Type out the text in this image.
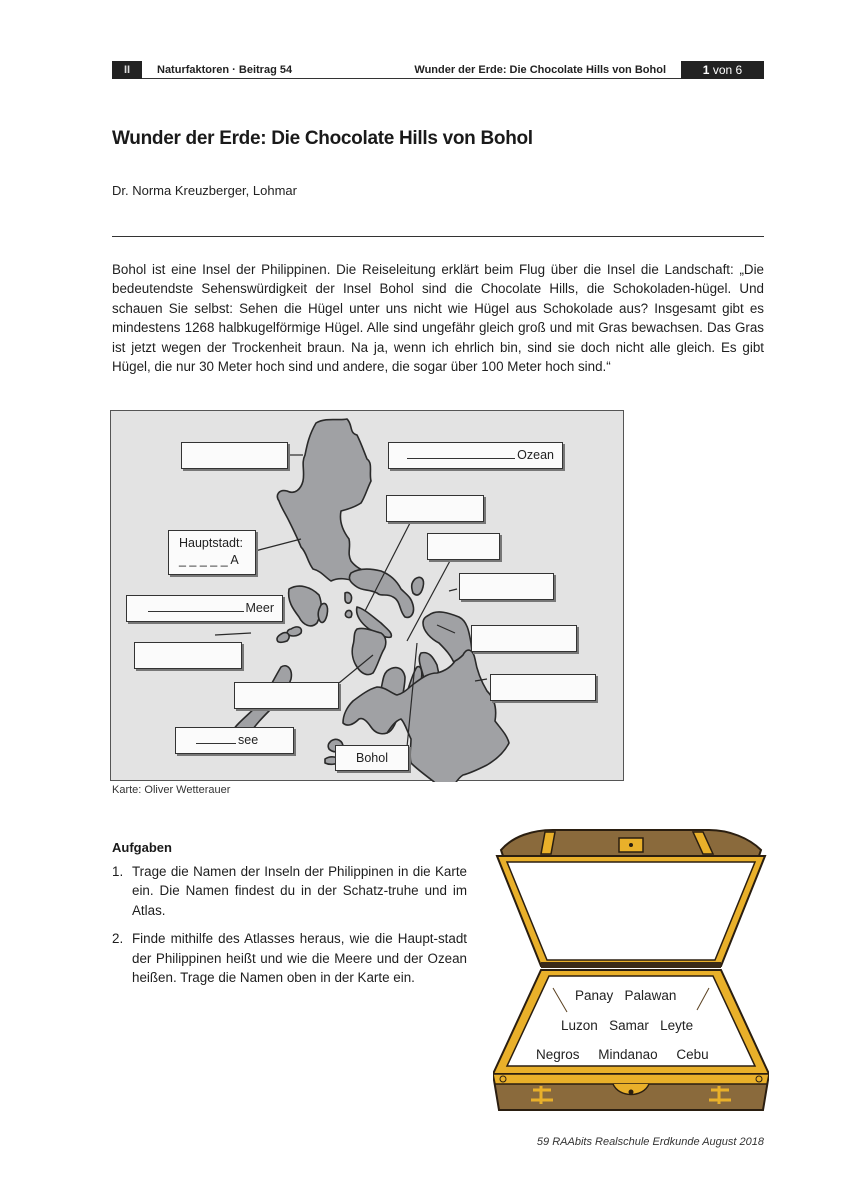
II	Naturfaktoren · Beitrag 54	Wunder der Erde: Die Chocolate Hills von Bohol	1 von 6
Wunder der Erde: Die Chocolate Hills von Bohol
Dr. Norma Kreuzberger, Lohmar

Bohol ist eine Insel der Philippinen. Die Reiseleitung erklärt beim Flug über die Insel die Landschaft: „Die bedeutendste Sehenswürdigkeit der Insel Bohol sind die Chocolate Hills, die Schokoladen-hügel. Und schauen Sie selbst: Sehen die Hügel unter uns nicht wie Hügel aus Schokolade aus? Insgesamt gibt es mindestens 1268 halbkugelförmige Hügel. Alle sind ungefähr gleich groß und mit Gras bewachsen. Das Gras ist jetzt wegen der Trockenheit braun. Na ja, wenn ich ehrlich bin, sind sie doch nicht alle gleich. Es gibt Hügel, die nur 30 Meter hoch sind und andere, die sogar über 100 Meter hoch sind.“

Ozean
Hauptstadt:
_ _ _ _ _ A
Meer
see
Bohol
Karte: Oliver Wetterauer
Aufgaben
1. Trage die Namen der Inseln der Philippinen in die Karte ein. Die Namen findest du in der Schatz-truhe und im Atlas.
2. Finde mithilfe des Atlasses heraus, wie die Haupt-stadt der Philippinen heißt und wie die Meere und der Ozean heißen. Trage die Namen oben in der Karte ein.
Panay Palawan
Luzon Samar Leyte
Negros Mindanao Cebu
59 RAAbits Realschule Erdkunde August 2018
